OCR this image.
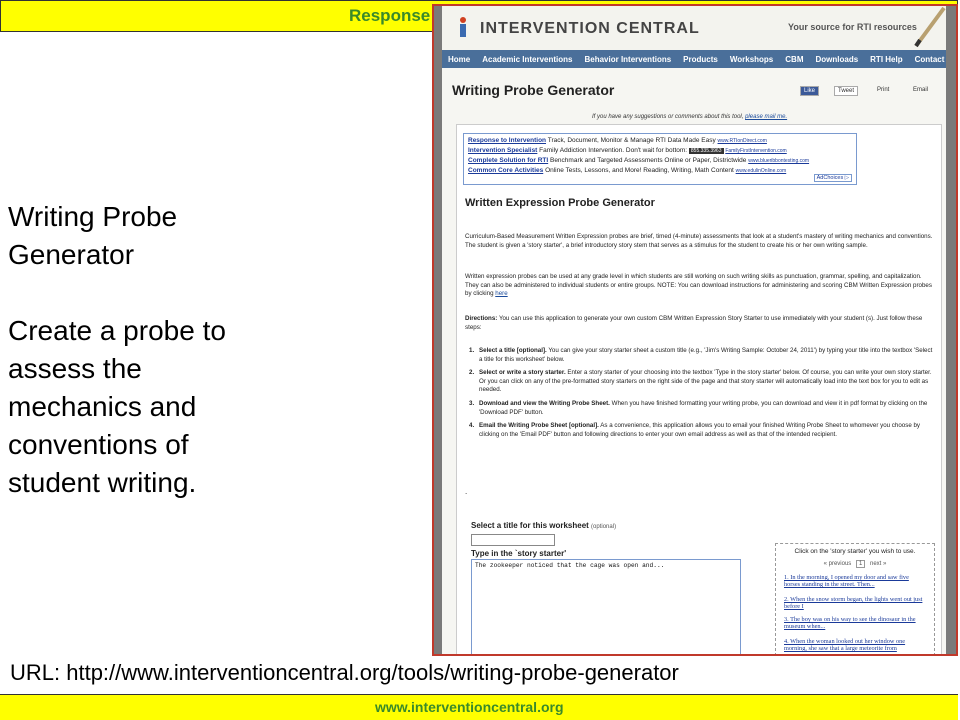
Response
Writing Probe Generator
Create a probe to assess the mechanics and conventions of student writing.
URL: http://www.interventioncentral.org/tools/writing-probe-generator
www.interventioncentral.org
INTERVENTION CENTRAL	Your source for RTI resources
Home	Academic Interventions	Behavior Interventions	Products	Workshops	CBM	Downloads	RTI Help	Contact
Writing Probe Generator	Like	Tweet	Print	Email
If you have any suggestions or comments about this tool, please mail me.
Response to Intervention Track, Document, Monitor & Manage RTI Data Made Easy www.RTIonDirect.com
Intervention Specialist Family Addiction Intervention. Don't wait for bottom: 855.335.3963 FamilyFirstIntervention.com
Complete Solution for RTI Benchmark and Targeted Assessments Online or Paper, Districtwide www.blueribbontesting.com
Common Core Activities Online Tests, Lessons, and More! Reading, Writing, Math Content www.edulinOnline.com
AdChoices ▷
Written Expression Probe Generator
Curriculum-Based Measurement Written Expression probes are brief, timed (4-minute) assessments that look at a student's mastery of writing mechanics and conventions. The student is given a 'story starter', a brief introductory story stem that serves as a stimulus for the student to create his or her own writing sample.
Written expression probes can be used at any grade level in which students are still working on such writing skills as punctuation, grammar, spelling, and capitalization. They can also be administered to individual students or entire groups. NOTE: You can download instructions for administering and scoring CBM Written Expression probes by clicking here
Directions: You can use this application to generate your own custom CBM Written Expression Story Starter to use immediately with your student (s). Just follow these steps:
1. Select a title [optional]. You can give your story starter sheet a custom title (e.g., 'Jim's Writing Sample: October 24, 2011') by typing your title into the textbox 'Select a title for this worksheet' below.
2. Select or write a story starter. Enter a story starter of your choosing into the textbox 'Type in the story starter' below. Of course, you can write your own story starter. Or you can click on any of the pre-formatted story starters on the right side of the page and that story starter will automatically load into the text box for you to edit as needed.
3. Download and view the Writing Probe Sheet. When you have finished formatting your writing probe, you can download and view it in pdf format by clicking on the 'Download PDF' button.
4. Email the Writing Probe Sheet [optional]. As a convenience, this application allows you to email your finished Writing Probe Sheet to whomever you choose by clicking on the 'Email PDF' button and following directions to enter your own email address as well as that of the intended recipient.
.
Select a title for this worksheet (optional)
Type in the `story starter'
The zookeeper noticed that the cage was open and...
Click on the 'story starter' you wish to use.
« previous 1 next »
1. In the morning, I opened my door and saw five horses standing in the street. Then...
2. When the snow storm began, the lights went out just before I
3. The boy was on his way to see the dinosaur in the museum when...
4. When the woman looked out her window one morning, she saw that a large meteorite from
